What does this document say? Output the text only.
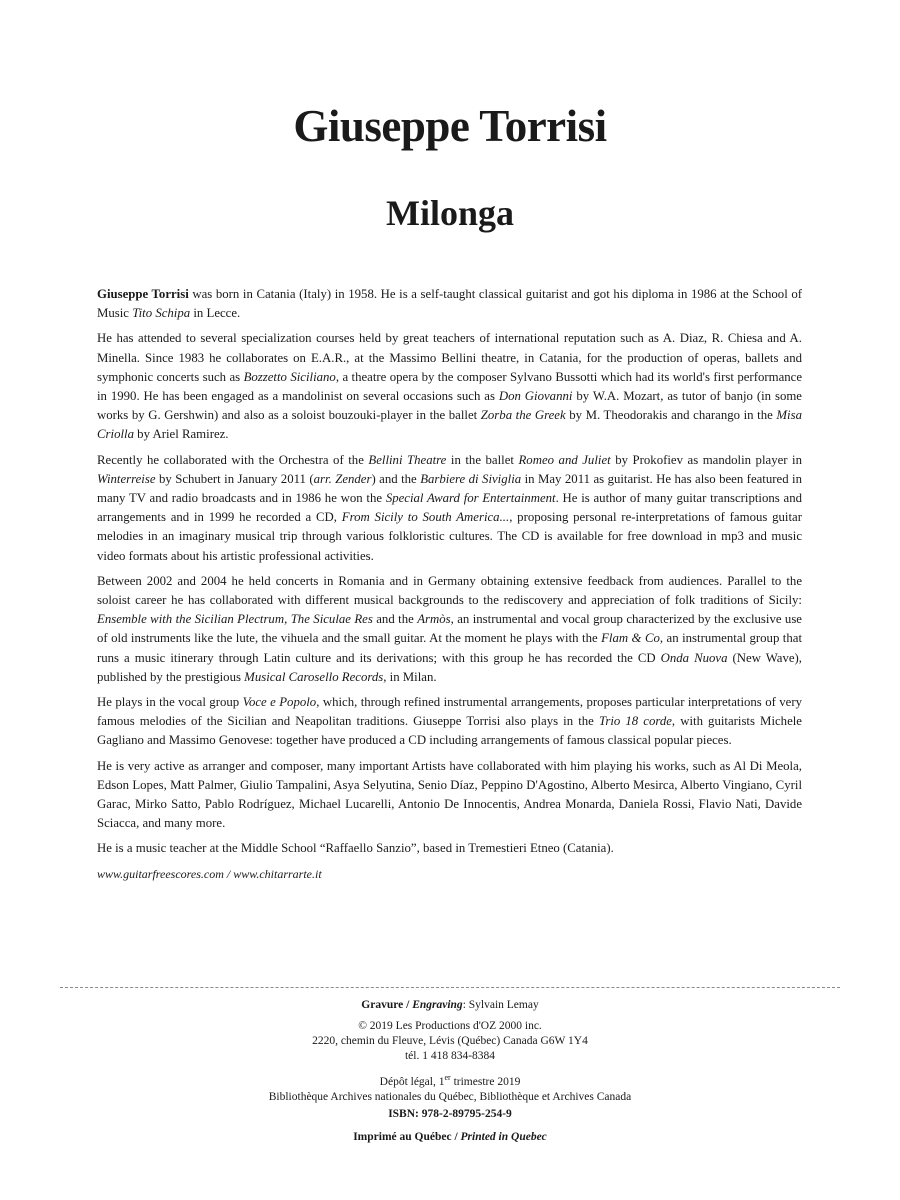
Giuseppe Torrisi
Milonga

Giuseppe Torrisi was born in Catania (Italy) in 1958. He is a self-taught classical guitarist and got his diploma in 1986 at the School of Music Tito Schipa in Lecce.

He has attended to several specialization courses held by great teachers of international reputation such as A. Diaz, R. Chiesa and A. Minella. Since 1983 he collaborates on E.A.R., at the Massimo Bellini theatre, in Catania, for the production of operas, ballets and symphonic concerts such as Bozzetto Siciliano, a theatre opera by the composer Sylvano Bussotti which had its world's first performance in 1990. He has been engaged as a mandolinist on several occasions such as Don Giovanni by W.A. Mozart, as tutor of banjo (in some works by G. Gershwin) and also as a soloist bouzouki-player in the ballet Zorba the Greek by M. Theodorakis and charango in the Misa Criolla by Ariel Ramirez.

Recently he collaborated with the Orchestra of the Bellini Theatre in the ballet Romeo and Juliet by Prokofiev as mandolin player in Winterreise by Schubert in January 2011 (arr. Zender) and the Barbiere di Siviglia in May 2011 as guitarist. He has also been featured in many TV and radio broadcasts and in 1986 he won the Special Award for Entertainment. He is author of many guitar transcriptions and arrangements and in 1999 he recorded a CD, From Sicily to South America..., proposing personal re-interpretations of famous guitar melodies in an imaginary musical trip through various folkloristic cultures. The CD is available for free download in mp3 and music video formats about his artistic professional activities.

Between 2002 and 2004 he held concerts in Romania and in Germany obtaining extensive feedback from audiences. Parallel to the soloist career he has collaborated with different musical backgrounds to the rediscovery and appreciation of folk traditions of Sicily: Ensemble with the Sicilian Plectrum, The Siculae Res and the Armòs, an instrumental and vocal group characterized by the exclusive use of old instruments like the lute, the vihuela and the small guitar. At the moment he plays with the Flam & Co, an instrumental group that runs a music itinerary through Latin culture and its derivations; with this group he has recorded the CD Onda Nuova (New Wave), published by the prestigious Musical Carosello Records, in Milan.

He plays in the vocal group Voce e Popolo, which, through refined instrumental arrangements, proposes particular interpretations of very famous melodies of the Sicilian and Neapolitan traditions. Giuseppe Torrisi also plays in the Trio 18 corde, with guitarists Michele Gagliano and Massimo Genovese: together have produced a CD including arrangements of famous classical popular pieces.

He is very active as arranger and composer, many important Artists have collaborated with him playing his works, such as Al Di Meola, Edson Lopes, Matt Palmer, Giulio Tampalini, Asya Selyutina, Senio Díaz, Peppino D'Agostino, Alberto Mesirca, Alberto Vingiano, Cyril Garac, Mirko Satto, Pablo Rodríguez, Michael Lucarelli, Antonio De Innocentis, Andrea Monarda, Daniela Rossi, Flavio Nati, Davide Sciacca, and many more.

He is a music teacher at the Middle School “Raffaello Sanzio”, based in Tremestieri Etneo (Catania).

www.guitarfreescores.com / www.chitarrarte.it

Gravure / Engraving: Sylvain Lemay
© 2019 Les Productions d'OZ 2000 inc.
2220, chemin du Fleuve, Lévis (Québec) Canada G6W 1Y4
tél. 1 418 834-8384
Dépôt légal, 1er trimestre 2019
Bibliothèque Archives nationales du Québec, Bibliothèque et Archives Canada
ISBN: 978-2-89795-254-9
Imprimé au Québec / Printed in Quebec
